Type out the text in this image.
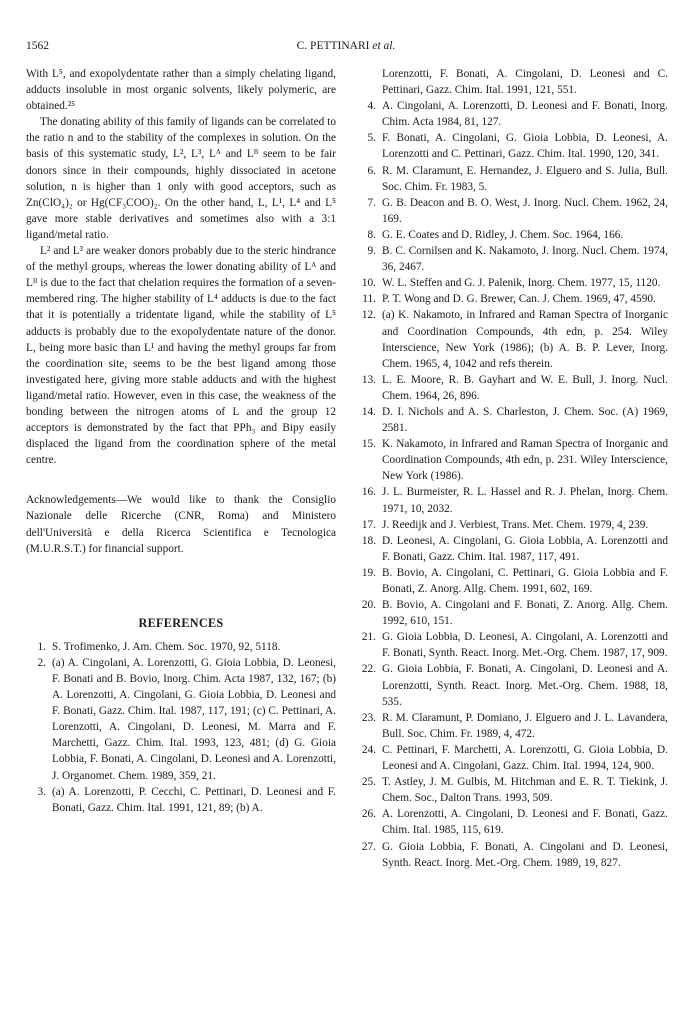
1562	C. PETTINARI et al.

With L⁵, and exopolydentate rather than a simply chelating ligand, adducts insoluble in most organic solvents, likely polymeric, are obtained.²⁵

The donating ability of this family of ligands can be correlated to the ratio n and to the stability of the complexes in solution. On the basis of this systematic study, L², L³, Lᴬ and Lᴮ seem to be fair donors since in their compounds, highly dissociated in acetone solution, n is higher than 1 only with good acceptors, such as Zn(ClO₄)₂ or Hg(CF₃COO)₂. On the other hand, L, L¹, L⁴ and L⁵ gave more stable derivatives and sometimes also with a 3:1 ligand/metal ratio.

L² and L³ are weaker donors probably due to the steric hindrance of the methyl groups, whereas the lower donating ability of Lᴬ and Lᴮ is due to the fact that chelation requires the formation of a seven-membered ring. The higher stability of L⁴ adducts is due to the fact that it is potentially a tridentate ligand, while the stability of L⁵ adducts is probably due to the exopolydentate nature of the donor. L, being more basic than L¹ and having the methyl groups far from the coordination site, seems to be the best ligand among those investigated here, giving more stable adducts and with the highest ligand/metal ratio. However, even in this case, the weakness of the bonding between the nitrogen atoms of L and the group 12 acceptors is demonstrated by the fact that PPh₃ and Bipy easily displaced the ligand from the coordination sphere of the metal centre.

Acknowledgements—We would like to thank the Consiglio Nazionale delle Ricerche (CNR, Roma) and Ministero dell'Università e della Ricerca Scientifica e Tecnologica (M.U.R.S.T.) for financial support.

REFERENCES
1. S. Trofimenko, J. Am. Chem. Soc. 1970, 92, 5118.
2. (a) A. Cingolani, A. Lorenzotti, G. Gioia Lobbia, D. Leonesi, F. Bonati and B. Bovio, Inorg. Chim. Acta 1987, 132, 167; (b) A. Lorenzotti, A. Cingolani, G. Gioia Lobbia, D. Leonesi and F. Bonati, Gazz. Chim. Ital. 1987, 117, 191; (c) C. Pettinari, A. Lorenzotti, A. Cingolani, D. Leonesi, M. Marra and F. Marchetti, Gazz. Chim. Ital. 1993, 123, 481; (d) G. Gioia Lobbia, F. Bonati, A. Cingolani, D. Leonesi and A. Lorenzotti, J. Organomet. Chem. 1989, 359, 21.
3. (a) A. Lorenzotti, P. Cecchi, C. Pettinari, D. Leonesi and F. Bonati, Gazz. Chim. Ital. 1991, 121, 89; (b) A.
Lorenzotti, F. Bonati, A. Cingolani, D. Leonesi and C. Pettinari, Gazz. Chim. Ital. 1991, 121, 551.
4. A. Cingolani, A. Lorenzotti, D. Leonesi and F. Bonati, Inorg. Chim. Acta 1984, 81, 127.
5. F. Bonati, A. Cingolani, G. Gioia Lobbia, D. Leonesi, A. Lorenzotti and C. Pettinari, Gazz. Chim. Ital. 1990, 120, 341.
6. R. M. Claramunt, E. Hernandez, J. Elguero and S. Julia, Bull. Soc. Chim. Fr. 1983, 5.
7. G. B. Deacon and B. O. West, J. Inorg. Nucl. Chem. 1962, 24, 169.
8. G. E. Coates and D. Ridley, J. Chem. Soc. 1964, 166.
9. B. C. Cornilsen and K. Nakamoto, J. Inorg. Nucl. Chem. 1974, 36, 2467.
10. W. L. Steffen and G. J. Palenik, Inorg. Chem. 1977, 15, 1120.
11. P. T. Wong and D. G. Brewer, Can. J. Chem. 1969, 47, 4590.
12. (a) K. Nakamoto, in Infrared and Raman Spectra of Inorganic and Coordination Compounds, 4th edn, p. 254. Wiley Interscience, New York (1986); (b) A. B. P. Lever, Inorg. Chem. 1965, 4, 1042 and refs therein.
13. L. E. Moore, R. B. Gayhart and W. E. Bull, J. Inorg. Nucl. Chem. 1964, 26, 896.
14. D. I. Nichols and A. S. Charleston, J. Chem. Soc. (A) 1969, 2581.
15. K. Nakamoto, in Infrared and Raman Spectra of Inorganic and Coordination Compounds, 4th edn, p. 231. Wiley Interscience, New York (1986).
16. J. L. Burmeister, R. L. Hassel and R. J. Phelan, Inorg. Chem. 1971, 10, 2032.
17. J. Reedijk and J. Verbiest, Trans. Met. Chem. 1979, 4, 239.
18. D. Leonesi, A. Cingolani, G. Gioia Lobbia, A. Lorenzotti and F. Bonati, Gazz. Chim. Ital. 1987, 117, 491.
19. B. Bovio, A. Cingolani, C. Pettinari, G. Gioia Lobbia and F. Bonati, Z. Anorg. Allg. Chem. 1991, 602, 169.
20. B. Bovio, A. Cingolani and F. Bonati, Z. Anorg. Allg. Chem. 1992, 610, 151.
21. G. Gioia Lobbia, D. Leonesi, A. Cingolani, A. Lorenzotti and F. Bonati, Synth. React. Inorg. Met.-Org. Chem. 1987, 17, 909.
22. G. Gioia Lobbia, F. Bonati, A. Cingolani, D. Leonesi and A. Lorenzotti, Synth. React. Inorg. Met.-Org. Chem. 1988, 18, 535.
23. R. M. Claramunt, P. Domiano, J. Elguero and J. L. Lavandera, Bull. Soc. Chim. Fr. 1989, 4, 472.
24. C. Pettinari, F. Marchetti, A. Lorenzotti, G. Gioia Lobbia, D. Leonesi and A. Cingolani, Gazz. Chim. Ital. 1994, 124, 900.
25. T. Astley, J. M. Gulbis, M. Hitchman and E. R. T. Tiekink, J. Chem. Soc., Dalton Trans. 1993, 509.
26. A. Lorenzotti, A. Cingolani, D. Leonesi and F. Bonati, Gazz. Chim. Ital. 1985, 115, 619.
27. G. Gioia Lobbia, F. Bonati, A. Cingolani and D. Leonesi, Synth. React. Inorg. Met.-Org. Chem. 1989, 19, 827.
